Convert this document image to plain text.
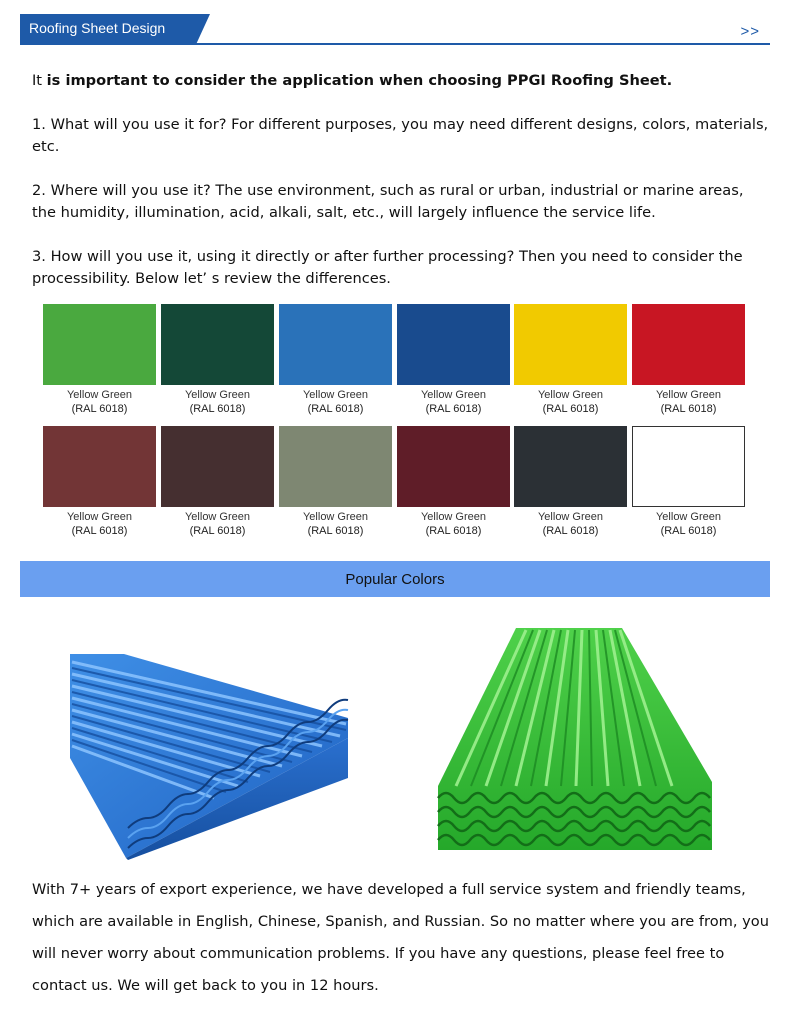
Roofing Sheet Design	>>

It is important to consider the application when choosing PPGI Roofing Sheet.

1. What will you use it for? For different purposes, you may need different designs, colors, materials, etc.

2. Where will you use it? The use environment, such as rural or urban, industrial or marine areas, the humidity, illumination, acid, alkali, salt, etc., will largely influence the service life.

3. How will you use it, using it directly or after further processing? Then you need to consider the processibility. Below let’ s review the differences.

Yellow Green
(RAL 6018)
Yellow Green
(RAL 6018)
Yellow Green
(RAL 6018)
Yellow Green
(RAL 6018)
Yellow Green
(RAL 6018)
Yellow Green
(RAL 6018)
Yellow Green
(RAL 6018)
Yellow Green
(RAL 6018)
Yellow Green
(RAL 6018)
Yellow Green
(RAL 6018)
Yellow Green
(RAL 6018)
Yellow Green
(RAL 6018)
Popular Colors

With 7+ years of export experience, we have developed a full service system and friendly teams, which are available in English, Chinese, Spanish, and Russian. So no matter where you are from, you will never worry about communication problems. If you have any questions, please feel free to contact us. We will get back to you in 12 hours.
